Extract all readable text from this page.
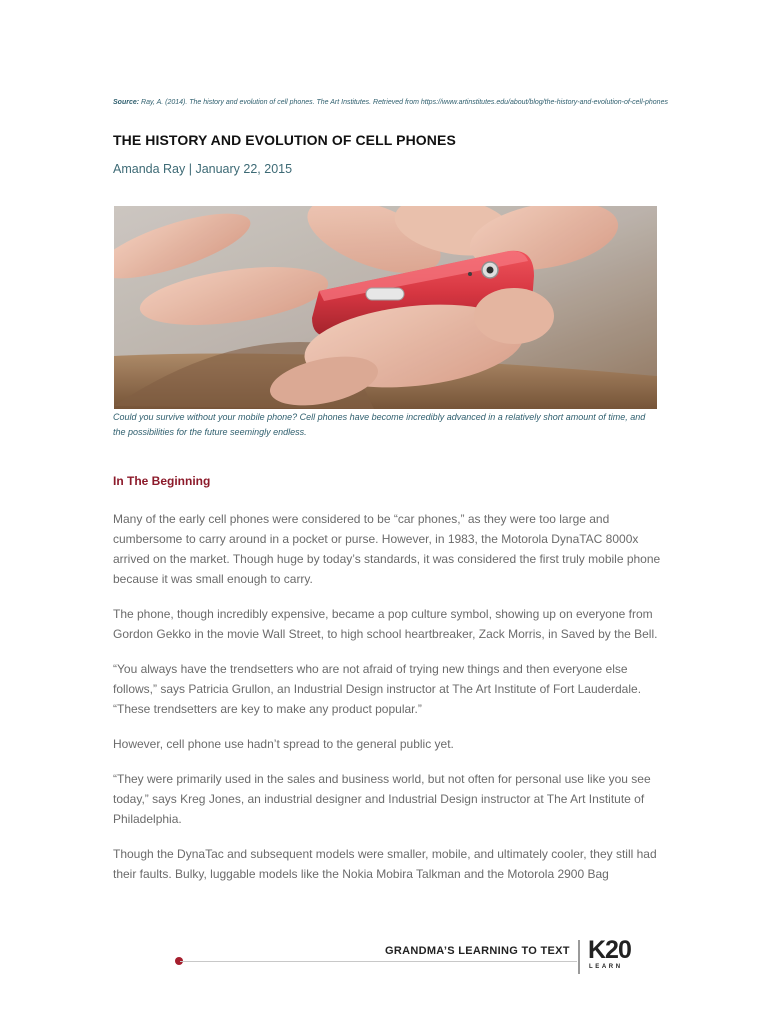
Source: Ray, A. (2014). The history and evolution of cell phones. The Art Institutes. Retrieved from https://www.artinstitutes.edu/about/blog/the-history-and-evolution-of-cell-phones
THE HISTORY AND EVOLUTION OF CELL PHONES
Amanda Ray | January 22, 2015
Could you survive without your mobile phone? Cell phones have become incredibly advanced in a relatively short amount of time, and the possibilities for the future seemingly endless.
In The Beginning

Many of the early cell phones were considered to be “car phones,” as they were too large and cumbersome to carry around in a pocket or purse. However, in 1983, the Motorola DynaTAC 8000x arrived on the market. Though huge by today’s standards, it was considered the first truly mobile phone because it was small enough to carry.

The phone, though incredibly expensive, became a pop culture symbol, showing up on everyone from Gordon Gekko in the movie Wall Street, to high school heartbreaker, Zack Morris, in Saved by the Bell.

“You always have the trendsetters who are not afraid of trying new things and then everyone else follows,” says Patricia Grullon, an Industrial Design instructor at The Art Institute of Fort Lauderdale. “These trendsetters are key to make any product popular.”

However, cell phone use hadn’t spread to the general public yet.

“They were primarily used in the sales and business world, but not often for personal use like you see today,” says Kreg Jones, an industrial designer and Industrial Design instructor at The Art Institute of Philadelphia.

Though the DynaTac and subsequent models were smaller, mobile, and ultimately cooler, they still had their faults. Bulky, luggable models like the Nokia Mobira Talkman and the Motorola 2900 Bag

GRANDMA’S LEARNING TO TEXT K20
LEARN
